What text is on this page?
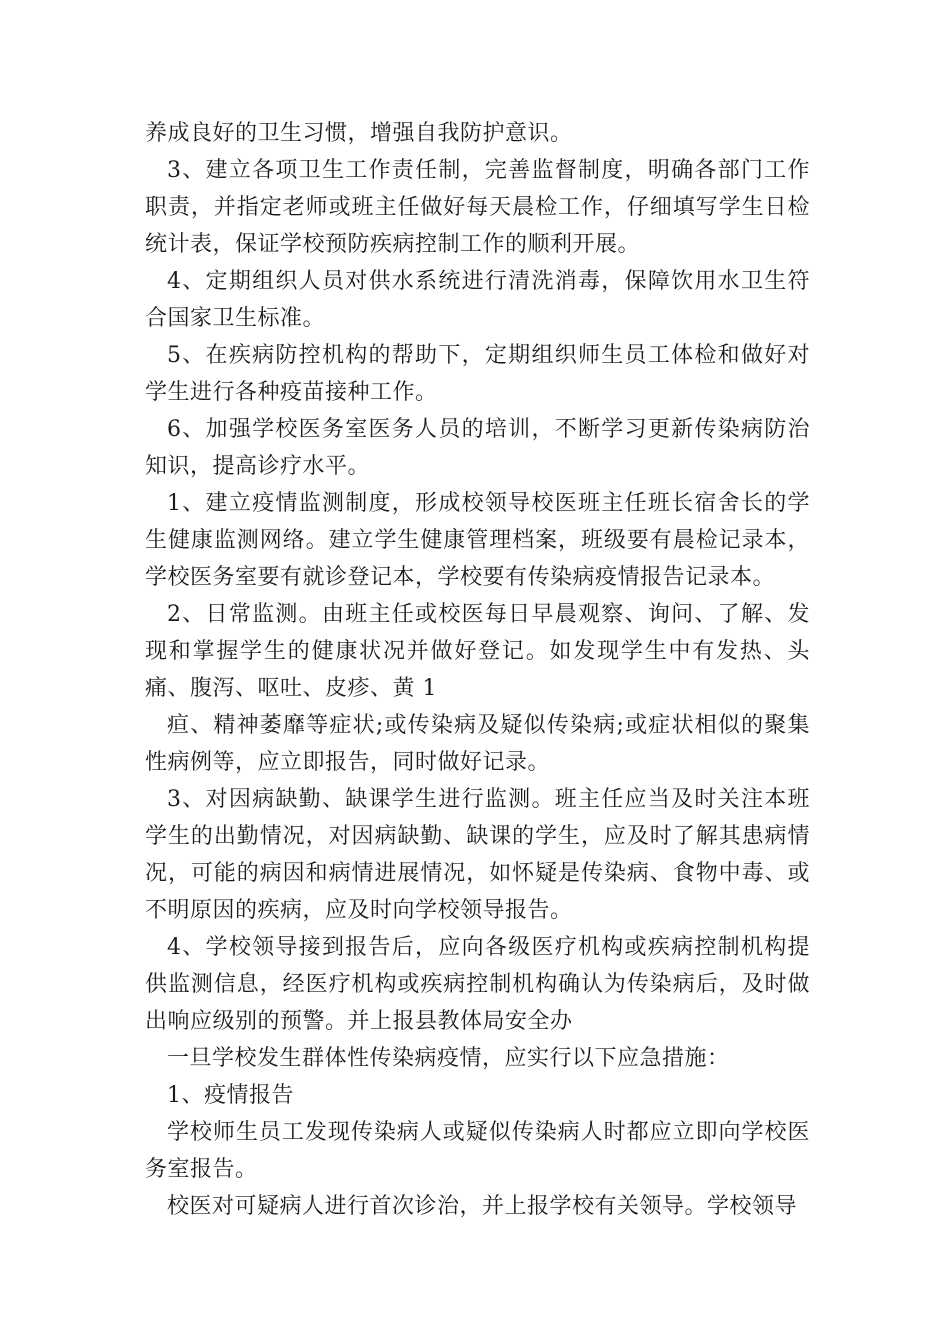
养成良好的卫生习惯，增强自我防护意识。

3、建立各项卫生工作责任制，完善监督制度，明确各部门工作职责，并指定老师或班主任做好每天晨检工作，仔细填写学生日检统计表，保证学校预防疾病控制工作的顺利开展。

4、定期组织人员对供水系统进行清洗消毒，保障饮用水卫生符合国家卫生标准。

5、在疾病防控机构的帮助下，定期组织师生员工体检和做好对学生进行各种疫苗接种工作。

6、加强学校医务室医务人员的培训，不断学习更新传染病防治知识，提高诊疗水平。

1、建立疫情监测制度，形成校领导校医班主任班长宿舍长的学生健康监测网络。建立学生健康管理档案，班级要有晨检记录本，学校医务室要有就诊登记本，学校要有传染病疫情报告记录本。

2、日常监测。由班主任或校医每日早晨观察、询问、了解、发现和掌握学生的健康状况并做好登记。如发现学生中有发热、头痛、腹泻、呕吐、皮疹、黄 1

疸、精神萎靡等症状;或传染病及疑似传染病;或症状相似的聚集性病例等，应立即报告，同时做好记录。

3、对因病缺勤、缺课学生进行监测。班主任应当及时关注本班学生的出勤情况，对因病缺勤、缺课的学生，应及时了解其患病情况，可能的病因和病情进展情况，如怀疑是传染病、食物中毒、或不明原因的疾病，应及时向学校领导报告。

4、学校领导接到报告后，应向各级医疗机构或疾病控制机构提供监测信息，经医疗机构或疾病控制机构确认为传染病后，及时做出响应级别的预警。并上报县教体局安全办

一旦学校发生群体性传染病疫情，应实行以下应急措施：

1、疫情报告

学校师生员工发现传染病人或疑似传染病人时都应立即向学校医务室报告。

校医对可疑病人进行首次诊治，并上报学校有关领导。学校领导
